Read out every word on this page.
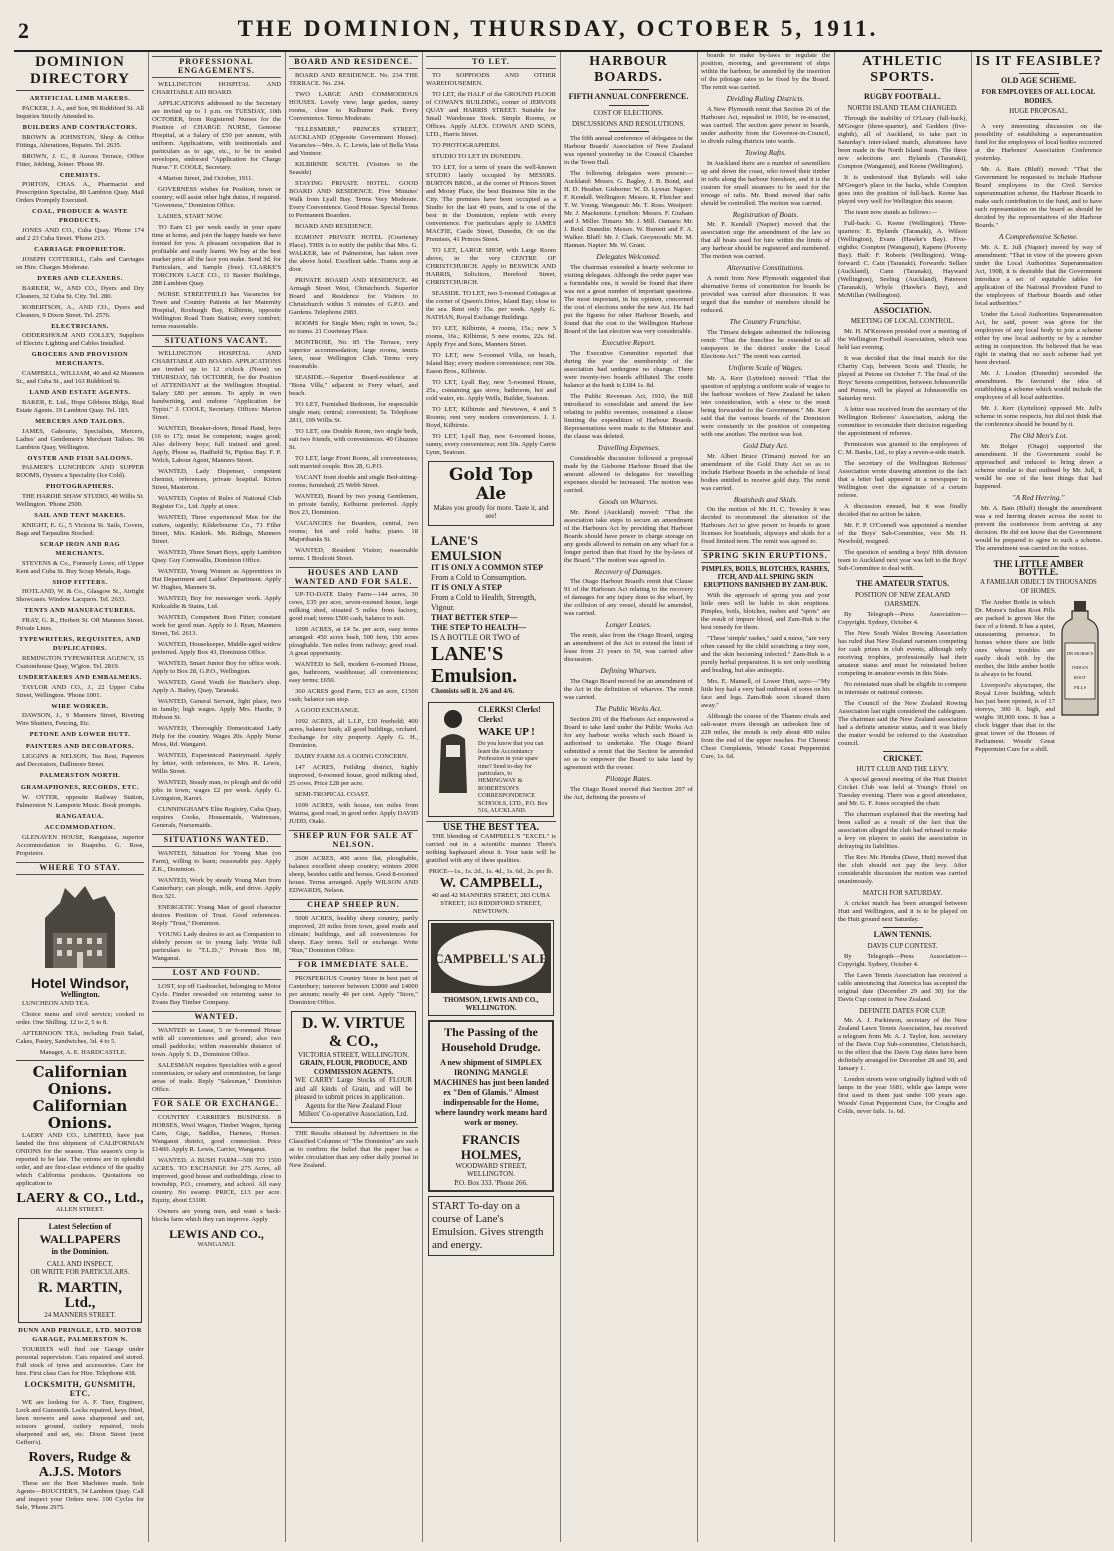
2	THE DOMINION, THURSDAY, OCTOBER 5, 1911.
DOMINION DIRECTORY
ARTIFICIAL LIMB MAKERS.
PACKER, J. A., and Son, 99 Riddiford St. All Inquiries Strictly Attended to.
BUILDERS AND CONTRACTORS.
BROWN & JOHNSTON, Shop & Office Fittings, Alterations, Repairs. Tel. 2635.
BROWN, J. C., 8 Aurora Terrace, Office Fitter, Jobbing, Joiner. 'Phone 99.
CHEMISTS.
PORTON, CHAS. A., Pharmacist and Prescription Specialist, 80 Lambton Quay. Mail Orders Promptly Executed.
COAL, PRODUCE & WASTE PRODUCTS.
JONES AND CO., Cuba Quay. 'Phone 174 and 2 23 Cuba Street. 'Phone 213.
CARRIAGE PROPRIETOR.
JOSEPH COTTERILL, Cabs and Carriages on Hire. Charges Moderate.
DYERS AND CLEANERS.
BARKER, W., AND CO., Dyers and Dry Cleaners, 32 Cuba St. City. Tel. 280.
ROBERTSON, A., AND CO., Dyers and Cleaners, 9 Dixon Street. Tel. 2576.
ELECTRICIANS.
ODDERSHOLM AND COLLEY, Suppliers of Electric Lighting and Cables Installed.
GROCERS AND PROVISION MERCHANTS.
CAMPBELL, WILLIAM, 40 and 42 Manners St., and Cuba St., and 163 Riddiford St.
LAND AND ESTATE AGENTS.
BAKER, E. Ltd., Hope Gibbons Bldgs, Real Estate Agents. 19 Lambton Quay. Tel. 183.
MERCERS AND TAILORS.
JAMES, Gabourie, Specialists, Mercers, Ladies' and Gentlemen's Merchant Tailors. 96 Lambton Quay, Wellington.
OYSTER AND FISH SALOONS.
PALMER'S LUNCHEON AND SUPPER ROOMS, Oysters a Speciality (Ice Cold).
PHOTOGRAPHERS.
THE HARDIE SHAW STUDIO, 40 Willis St. Wellington. 'Phone 2500.
SAIL AND TENT MAKERS.
KNIGHT, E. G., 5 Victoria St. Sails, Covers, Bags and Tarpaulins Stocked.
SCRAP IRON AND RAG MERCHANTS.
STEVENS & Co., Formerly Lowe, off Upper Kent and Cuba St. Buy Scrap Metals, Rags.
SHOP FITTERS.
HOTLAND, W. & Co., Glasgow St., Airtight Showcases. Window Lacquers. Tel. 2633.
TENTS AND MANUFACTURERS.
FRAY, G. R., Herbert St. Off Manners Street. Private Lines.
TYPEWRITERS, REQUISITES, AND DUPLICATORS.
REMINGTON TYPEWRITER AGENCY, 15 Customhouse Quay, W'gton. Tel. 2819.
UNDERTAKERS AND EMBALMERS.
TAYLOR AND CO., J., 22 Upper Cuba Street, Wellington. 'Phone 1001.
WIRE WORKER.
DAWSON, J., 9 Manners Street, Riveting Wire Shutters, Fencing, Etc.
PETONE AND LOWER HUTT.
PAINTERS AND DECORATORS.
LIGGINS & NELSON, Tea Rest, Paperers and Decorators, Dallimore Street.
PALMERSTON NORTH.
GRAMAPHONES, RECORDS, ETC.
W. OTTER, opposite Railway Station, Palmerston N. Lamporte Music. Book prompts.
RANGATAUA.
ACCOMMODATION.
GLENAVEN HOUSE, Rangataua, superior Accommodation to Ruapehu. G. Ross, Proprietor.
WHERE TO STAY.
Hotel Windsor,
Wellington.
LUNCHEON AND TEA.
Choice menu and civil service; cooked to order. One Shilling. 12 to 2, 5 to 8.
AFTERNOON TEA, including Fruit Salad, Cakes, Pastry, Sandwiches, 3d. 4 to 5.
Manager, A. E. HARDCASTLE.
Californian Onions.
Californian Onions.
LAERY AND CO., LIMITED, have just landed the first shipment of CALIFORNIAN ONIONS for the season. This season's crop is reported to be late. The onions are in splendid order, and are first-class evidence of the quality which California produces. Quotations on application to
LAERY & CO., Ltd.,
ALLEN STREET.
Latest Selection of
WALLPAPERS
in the Dominion.
CALL AND INSPECT,
OR WRITE FOR PARTICULARS.
R. MARTIN, Ltd.,
24 MANNERS STREET.
DUNN AND PRINGLE, LTD. MOTOR GARAGE, PALMERSTON N.
TOURISTS will find our Garage under personal supervision. Cars repaired and stored. Full stock of tyres and accessories. Cars for hire. First class Cars for Hire. Telephone 438.
LOCKSMITH, GUNSMITH, ETC.
WE are looking for A. F. Tuer, Engineer, Lock and Gunsmith. Locks repaired, keys fitted, lawn mowers and saws sharpened and set, scissors ground, cutlery repaired, tools sharpened and set, etc. Dixon Street (next Geffen's).
Rovers, Rudge &
A.J.S. Motors
These are the Best Machines made. Sole Agents—BOUCHER'S, 34 Lambton Quay. Call and inspect your Orders now. 100 Cycles for Sale, 'Phone 2975.
PROFESSIONAL ENGAGEMENTS.
WELLINGTON HOSPITAL AND CHARITABLE AID BOARD.
APPLICATIONS addressed to the Secretary are invited up to 1 p.m. on TUESDAY, 10th OCTOBER, from Registered Nurses for the Position of CHARGE NURSE, Genoese Hospital, at a Salary of £50 per annum, with uniform. Applications, with testimonials and particulars as to age, etc., to be in sealed envelopes, endorsed "Application for Charge Nurse." F. COOLE, Secretary.
4 Marion Street, 2nd October, 1911.
GOVERNESS wishes for Position, town or country; will assist other light duties, if required. "Governess," Dominion Office.
LADIES, START NOW.
TO Earn £1 per week easily in your spare time at home, and join the happy bands we have formed for you. A pleasant occupation that is profitable and easily learnt. We buy at the best market price all the lace you make. Send 3d. for Particulars, and Sample (free). CLARKE'S TORCHON LACE CO., 11 Baxter Buildings, 288 Lambton Quay.
NURSE STREETFIELD has Vacancies for Town and Country Patients at her Maternity Hospital, Roxburgh Bay, Kilbirnie, opposite Wellington Road Tram Station; every comfort; terms reasonable.
SITUATIONS VACANT.
WELLINGTON HOSPITAL AND CHARITABLE AID BOARD. APPLICATIONS are invited up to 12 o'clock (Noon) on THURSDAY, 5th OCTOBER, for the Position of ATTENDANT at the Wellington Hospital. Salary £80 per annum. To apply in own handwriting, and endorse "Application for Typist." J. COOLE, Secretary. Offices: Marion Street.
WANTED, Breaker-down, Bread Hand, boys (16 to 17); must be competent; wages good; Also delivery boys; full trained and good. Apply, Phone ss, Hadfield St, Pipitea Bay. F. P. Welch, Labour Agent, Manners Street.
WANTED, Lady Dispenser, competent chemist, references, private hospital. Kirton Street, Masterton.
WANTED, Copies of Rules of National Club Register Co., Ltd. Apply at once.
WANTED, Three experienced Men for the cutters, urgently; Kilderbourne Co., 71 Filler Street, Mix. Kinkirk. Mr. Ridings, Manners Street.
WANTED, Three Smart Boys, apply Lambton Quay. Guy Cornwallis, Dominion Office.
WANTED, Young Women as Apprentices in Hat Department and Ladies' Department. Apply W. Hughes, Manners St.
WANTED, Boy for messenger work. Apply Kirkcaldie & Stains, Ltd.
WANTED, Competent Boot Fitter; constant work for good man. Apply to J. Ryan, Manners Street, Tel. 2613.
WANTED, Housekeeper, Middle-aged widow preferred. Apply Box 43, Dominion Office.
WANTED, Smart Junior Boy for office work. Apply to Box 28, G.P.O., Wellington.
WANTED, Good Youth for Butcher's shop. Apply A. Bailey, Quay, Taranaki.
WANTED, General Servant, light place, two in family; high wages. Apply Mrs. Hardie, 9 Hobson St.
WANTED, Thoroughly Domesticated Lady Help for the country. Wages 20s. Apply Nurse Moss, Rd. Wangarei.
WANTED, Experienced Pantrymaid. Apply by letter, with references, to Mrs. R. Lewis, Willis Street.
WANTED, Steady man, to plough and do odd jobs in town; wages £2 per week. Apply G. Livingston, Karori.
CUNNINGHAM'S Elite Registry, Cuba Quay, requires Cooks, Housemaids, Waitresses, Generals, Nursemaids.
SITUATIONS WANTED.
WANTED, Situation for Young Man (on Farm), willing to learn; reasonable pay. Apply Z.K., Dominion.
WANTED, Work by steady Young Man from Canterbury; can plough, milk, and drive. Apply Box 321.
ENERGETIC Young Man of good character desires Position of Trust. Good references. Reply "Trust," Dominion.
YOUNG Lady desires to act as Companion to elderly person or to young lady. Write full particulars to "T.L.D.," Private Box 98, Wanganui.
LOST AND FOUND.
LOST, top off Gasbracket, belonging to Motor Cycle. Finder rewarded on returning same to Evans Bay Timber Company.
WANTED.
WANTED to Lease, 5 or 6-roomed House with all conveniences and ground; also two small paddocks; within reasonable distance of town. Apply S. D., Dominion Office.
SALESMAN requires Specialties with a good commission, or salary and commission, for large areas of trade. Reply "Salesman," Dominion Office.
FOR SALE OR EXCHANGE.
COUNTRY CARRIER'S BUSINESS. 8 HORSES, Wool Wagon, Timber Wagon, Spring Carts, Gigs, Saddles, Harness, Horses. Wanganui district, good connection. Price £1400. Apply R. Lewis, Carrier, Wanganui.
WANTED. A BUSH FARM—500 TO 1500 ACRES. TO EXCHANGE for 275 Acres, all improved, good house and outbuildings, close to township, P.O., creamery, and school. All easy country. No swamp. PRICE, £13 per acre. Equity, about £3100.
Owners are young men, and want a back-blocks farm which they can improve. Apply
LEWIS AND CO.,
WANGANUI.
BOARD AND RESIDENCE.
BOARD AND RESIDENCE. No. 234 THE TERRACE. No. 234.
TWO LARGE AND COMMODIOUS HOUSES. Lovely view; large garden, sunny rooms, close to Kelburne Park. Every Convenience. Terms Moderate.
"ELLESMERE," PRINCES STREET, AUCKLAND (Opposite Government House). Vacancies—Mrs. A. C. Lewis, late of Bella Vista and Ventnor.
KILBIRNIE SOUTH. (Visitors to the Seaside)
STAYING PRIVATE HOTEL. GOOD BOARD AND RESIDENCE. Five Minutes' Walk from Lyall Bay. Terms Very Moderate. Every Convenience. Good House. Special Terms to Permanent Boarders.
BOARD AND RESIDENCE.
EGMONT PRIVATE HOTEL (Courtenay Place). THIS is to notify the public that Mrs. G. WALKER, late of Palmerston, has taken over the above hotel. Excellent table. Trams stop at door.
PRIVATE BOARD AND RESIDENCE. 48 Armagh Street West, Christchurch. Superior Board and Residence for Visitors to Christchurch within 5 minutes of G.P.O. and Gardens. Telephone 2983.
ROOMS for Single Men; right in town, 5s.; no trams. 21 Courtenay Place.
MONTROSE, No. 85 The Terrace, very superior accommodation; large rooms, tennis lawn, near Wellington Club. Terms very reasonable.
SEASIDE.—Superior Board-residence at "Bona Villa," adjacent to Ferry wharf, and beach.
TO LET, Furnished Bedroom, for respectable single man; central; convenient; 5s. Telephone 2811, 199 Willis St.
TO LET, one Double Room, two single beds, suit two friends, with conveniences. 40 Ghuznee St.
TO LET, large Front Room, all conveniences; suit married couple. Box 28, G.P.O.
VACANT front double and single Bed-sitting-rooms; furnished; 25 Webb Street.
WANTED, Board by two young Gentlemen, in private family, Kelburne preferred. Apply Box 23, Dominion.
VACANCIES for Boarders, central, two rooms; hot and cold baths; piano. 18 Majoribanks St.
WANTED, Resident Visitor; reasonable terms. 1 Boulcott Street.
HOUSES AND LAND WANTED AND FOR SALE.
UP-TO-DATE Dairy Farm—144 acres, 30 cows, £35 per acre, seven-roomed house, large milking shed, situated 5 miles from factory, good road; terms £500 cash, balance to suit.
1099 ACRES, at £4 5s. per acre, easy terms arranged: 450 acres bush, 500 fern, 150 acres ploughable. Ten miles from railway; good road. A great opportunity.
WANTED to Sell, modern 6-roomed House, gas, bathroom, washhouse; all conveniences; easy terms; £650.
360 ACRES good Farm, £13 an acre, £1500 cash; balance can stop.
A GOOD EXCHANGE.
1092 ACRES, all L.I.P., £10 freehold; 400 acres, balance bush; all good buildings, orchard. Exchange for city property. Apply G. H., Dominion.
DAIRY FARM AS A GOING CONCERN.
147 ACRES, Feilding district, highly improved, 6-roomed house, good milking shed, 25 cows. Price £28 per acre.
SEMI-TROPICAL COAST.
1699 ACRES, with house, ten miles from Wairoa, good road, in good order. Apply DAVID JUDD, Otaki.
SHEEP RUN FOR SALE AT NELSON.
2600 ACRES, 400 acres flat, ploughable, balance excellent sheep country; winters 2000 sheep, besides cattle and horses. Good 8-roomed house. Terms arranged. Apply WILSON AND EDWARDS, Nelson.
CHEAP SHEEP RUN.
5000 ACRES, healthy sheep country, partly improved, 20 miles from town, good roads and climate; buildings, and all conveniences for sheep. Easy terms. Sell or exchange. Write "Run," Dominion Office.
FOR IMMEDIATE SALE.
PROSPEROUS Country Store in best part of Canterbury; turnover between £3000 and £4000 per annum; nearly 40 per cent. Apply "Store," Dominion Office.
D. W. VIRTUE & CO.,
VICTORIA STREET, WELLINGTON.
GRAIN, FLOUR, PRODUCE, AND COMMISSION AGENTS.
WE CARRY Large Stocks of FLOUR and all kinds of Grain, and will be pleased to submit prices in application.
Agents for the New Zealand Flour Millers' Co-operative Association, Ltd.
THE Results obtained by Advertisers in the Classified Columns of "The Dominion" are such as to confirm the belief that the paper has a wider circulation than any other daily journal in New Zealand.
TO LET.
TO SOPPOODS AND OTHER WAREHOUSEMEN.
TO LET, the HALF of the GROUND FLOOR of COWAN'S BUILDING, corner of JERVOIS QUAY and HARRIS STREET. Suitable for Small Warehouse Stock. Simple Rooms, or Offices. Apply ALEX. COWAN AND SONS, LTD., Harris Street.
TO PHOTOGRAPHERS.
STUDIO TO LET IN DUNEDIN.
TO LET, for a term of years the well-known STUDIO lately occupied by MESSRS. BURTON BROS., at the corner of Princes Street and Moray Place, the best Business Site in the City. The premises have been occupied as a Studio for the last 40 years, and is one of the best in the Dominion, replete with every convenience. For particulars apply to JAMES MACFIE, Castle Street, Dunedin, Or on the Premises, 41 Princes Street.
TO LET, LARGE SHOP, with Large Room above, in the very CENTRE OF CHRISTCHURCH. Apply to BESWICK AND HARRIS, Solicitors, Hereford Street, CHRISTCHURCH.
SEASIDE. TO LET, two 5-roomed Cottages at the corner of Queen's Drive, Island Bay; close to the sea. Rent only 15s. per week. Apply G. NATHAN, Royal Exchange Buildings.
TO LET, Kilbirnie, 4 rooms, 15s.; new 5 rooms, 16s.; Kilbirnie, 5 new rooms, 22s. 6d. Apply Frye and Sons, Manners Street.
TO LET, new 5-roomed Villa, on beach, Island Bay; every modern convenience; rent 30s. Eason Bros., Kilbirnie.
TO LET, Lyall Bay, new 5-roomed House, 25s., containing gas stove, bathroom, hot and cold water, etc. Apply Wells, Builder, Seatoun.
TO LET, Kilbirnie and Newtown, 4 and 5 Rooms; rent very modern conveniences. J. J. Boyd, Kilbirnie.
TO LET, Lyall Bay, new 6-roomed house, sunny, every convenience; rent 30s. Apply Carrie Lynn, Seatoun.
Gold Top Ale
Makes you greedy for more. Taste it, and see!
LANE'S EMULSION
IT IS ONLY A COMMON STEP
From a Cold to Consumption.
IT IS ONLY A STEP
From a Cold to Health, Strength, Vigour.
THAT BETTER STEP—
THE STEP TO HEALTH—
IS A BOTTLE OR TWO of
LANE'S Emulsion.
Chemists sell it. 2/6 and 4/6.
CLERKS! Clerks! Clerks!
WAKE UP !
Do you know that you can learn the Accountancy Profession in your spare time? Send to-day for particulars, to HEMINGWAY & ROBERTSON'S CORRESPONDENCE SCHOOLS, LTD., P.O. Box 516, AUCKLAND.
USE THE BEST TEA.
THE blending of CAMPBELL'S "EXCEL" is carried out in a scientific manner. There's nothing haphazard about it. Your taste will be gratified with any of these qualities.
PRICE—1s., 1s. 2d., 1s. 4d., 1s. 6d., 2s. per lb.
W. CAMPBELL,
40 and 42 MANNERS STREET, 283 CUBA STREET, 163 RIDDIFORD STREET, NEWTOWN.
CAMPBELL'S ALE
THOMSON, LEWIS AND CO., WELLINGTON.
The Passing of the
Household Drudge.
A new shipment of SIMPLEX IRONING MANGLE MACHINES has just been landed ex "Den of Glamis." Almost indispensable for the Home, where laundry work means hard work or money.
FRANCIS HOLMES,
WOODWARD STREET, WELLINGTON.
P.O. Box 333. 'Phone 266.
START To-day on a course of Lane's Emulsion. Gives strength and energy.
HARBOUR BOARDS.
FIFTH ANNUAL CONFERENCE.
COST OF ELECTIONS.
DISCUSSIONS AND RESOLUTIONS.
The fifth annual conference of delegates to the Harbour Boards' Association of New Zealand was opened yesterday in the Council Chamber in the Town Hall.
The following delegates were present:—Auckland: Messrs. G. Bagley, J. B. Bond, and H. D. Heather. Gisborne: W. D. Lysnar. Napier: F. Kendall. Wellington: Messrs. R. Fletcher and T. W. Young. Wanganui: Mr. T. Ross. Westport: Mr. J. Mackenzie. Lyttelton: Messrs. F. Graham and J. Miller. Timaru: Mr. J. Mill. Oamaru: Mr. J. Reid. Dunedin: Messrs. W. Burnett and F. A. Walker. Bluff: Mr. J. Clark. Greymouth: Mr. M. Hannan. Napier: Mr. W. Grant.
Delegates Welcomed.
The chairman extended a hearty welcome to visiting delegates. Although the order paper was a formidable one, it would be found that there was not a great number of important questions. The most important, in his opinion, concerned the cost of elections under the new Act. He had put the figures for other Harbour Boards, and found that the cost to the Wellington Harbour Board of the last election was very considerable.
Executive Report.
The Executive Committee reported that during the year the membership of the association had undergone no change. There were twenty-two boards affiliated. The credit balance at the bank is £184 1s. 8d.
The Public Revenues Act, 1910, the Bill introduced to consolidate and amend the law relating to public revenues, contained a clause limiting the expenditure of Harbour Boards. Representations were made to the Minister and the clause was deleted.
Travelling Expenses.
Considerable discussion followed a proposal made by the Gisborne Harbour Board that the amount allowed to delegates for travelling expenses should be increased. The motion was carried.
Goods on Wharves.
Mr. Bond (Auckland) moved: "That the association take steps to secure an amendment of the Harbours Act by providing that Harbour Boards should have power to charge storage on any goods allowed to remain on any wharf for a longer period than that fixed by the by-laws of the Board." The motion was agreed to.
Recovery of Damages.
The Otago Harbour Board's remit that Clause 91 of the Harbours Act relating to the recovery of damages for any injury done to the wharf, by the collision of any vessel, should be amended, was carried.
Longer Leases.
The remit, also from the Otago Board, urging an amendment of the Act to extend the limit of lease from 21 years to 50, was carried after discussion.
Defining Wharves.
The Otago Board moved for an amendment of the Act in the definition of wharves. The remit was carried.
The Public Works Act.
Section 201 of the Harbours Act empowered a Board to take land under the Public Works Act for any harbour works which such Board is authorised to undertake. The Otago Board submitted a remit that the Section be amended so as to empower the Board to take land by agreement with the owner.
Pilotage Rates.
The Otago Board moved that Section 207 of the Act, defining the powers of
boards to make by-laws to regulate the position, mooring, and government of ships within the harbour, be amended by the insertion of the pilotage rates to be fixed by the Board. The remit was carried.
Dividing Ruling Districts.
A New Plymouth remit that Section 26 of the Harbours Act, repealed in 1910, be re-enacted, was carried. The section gave power to boards, under authority from the Governor-in-Council, to divide ruling districts into wards.
Towing Rafts.
In Auckland there are a number of sawmillers up and down the coast, who towed their timber in rafts along the harbour foreshore, and it is the custom for small steamers to be used for the towage of rafts. Mr. Bond moved that rafts should be controlled. The motion was carried.
Registration of Boats.
Mr. F. Kendall (Napier) moved that the association urge the amendment of the law so that all boats used for hire within the limits of any harbour should be registered and numbered. The motion was carried.
Alternative Constitutions.
A remit from New Plymouth suggested that alternative forms of constitution for boards be provided was carried after discussion. It was urged that the number of members should be reduced.
The Country Franchise.
The Timaru delegate submitted the following remit: "That the franchise be extended to all ratepayers in the district under the Local Elections Act." The remit was carried.
Uniform Scale of Wages.
Mr. A. Kerr (Lyttelton) moved: "That the question of applying a uniform scale of wages to the harbour workers of New Zealand be taken into consideration, with a view to the remit being forwarded to the Government." Mr. Kerr said that the various boards of the Dominion were constantly in the position of competing with one another. The motion was lost.
Gold Duty Act.
Mr. Albert Bruce (Timaru) moved for an amendment of the Gold Duty Act so as to include Harbour Boards in the schedule of local bodies entitled to receive gold duty. The remit was carried.
Boatsheds and Skids.
On the motion of Mr. H. C. Tewsley it was decided to recommend the alteration of the Harbours Act to give power to boards to grant licenses for boatsheds, slipways and skids for a fixed limited term. The remit was agreed to.
SPRING SKIN ERUPTIONS.
PIMPLES, BOILS, BLOTCHES, RASHES, ITCH, AND ALL SPRING SKIN ERUPTIONS BANISHED BY ZAM-BUK.
With the approach of spring you and your little ones will be liable to skin eruptions. Pimples, boils, blotches, rashes and "spots" are the result of impure blood, and Zam-Buk is the best remedy for them.
"These 'simple' rashes," said a nurse, "are very often caused by the child scratching a tiny sore, and the skin becoming infected." Zam-Buk is a purely herbal preparation. It is not only soothing and healing, but also antiseptic.
Mrs. E. Mansell, of Lower Hutt, says:—"My little boy had a very bad outbreak of sores on his face and legs. Zam-Buk soon cleared them away."
Although the course of the Thames rivals and salt-water rivers through an unbroken line of 228 miles, the mouth is only about 400 miles from the end of the upper reaches. For Chronic Chest Complaints, Woods' Great Peppermint Cure, 1s. 6d.
ATHLETIC SPORTS.
RUGBY FOOTBALL.
NORTH ISLAND TEAM CHANGED.
Through the inability of O'Leary (full-back), M'Gregor (three-quarter), and Gedders (five-eighth), all of Auckland, to take part in Saturday's inter-island match, alterations have been made in the North Island team. The three new selections are: Bylands (Taranaki), Compton (Wanganui), and Keene (Wellington).
It is understood that Bylands will take M'Gregor's place in the backs, while Compton goes into the position of full-back. Keene has played very well for Wellington this season.
The team now stands as follows:—
Full-back: G. Keene (Wellington). Three-quarters: E. Bylands (Taranaki), A. Wilson (Wellington), Evans (Hawke's Bay). Five-eighths: Compton (Wanganui), Kapene (Poverty Bay). Half: F. Roberts (Wellington). Wing-forward: C. Cain (Taranaki). Forwards: Sellars (Auckland), Cann (Taranaki), Hayward (Wellington), Seeling (Auckland), Paterson (Taranaki), Whyle (Hawke's Bay), and McMillan (Wellington).
ASSOCIATION.
MEETING OF LOCAL CONTROL.
Mr. H. M'Keowen presided over a meeting of the Wellington Football Association, which was held last evening.
It was decided that the final match for the Charity Cup, between Scots and Thistle, be played at Petone on October 7. The final of the Boys' Sevens competition, between Johnsonville and Petone, will be played at Johnsonville on Saturday next.
A letter was received from the secretary of the Wellington Referees' Association, asking the committee to reconsider their decision regarding the appointment of referees.
Permission was granted to the employees of C. M. Banks, Ltd., to play a seven-a-side match.
The secretary of the Wellington Referees' Association wrote drawing attention to the fact that a letter had appeared in a newspaper in Wellington over the signature of a certain referee.
A discussion ensued, but it was finally decided that no action be taken.
Mr. F. P. O'Connell was appointed a member of the Boys' Sub-Committee, vice Mr. H. Newbold, resigned.
The question of sending a boys' fifth division team to Auckland next year was left to the Boys' Sub-Committee to deal with.
THE AMATEUR STATUS.
POSITION OF NEW ZEALAND OARSMEN.
By Telegraph—Press Association—Copyright. Sydney, October 4.
The New South Wales Rowing Association has ruled that New Zealand oarsmen competing for cash prizes in club events, although only receiving trophies, professionally had their amateur status and must be reinstated before competing in amateur events in this State.
No reinstated man shall be eligible to compete in interstate or national contests.
The Council of the New Zealand Rowing Association last night considered the cablegram. The chairman said the New Zealand association had a definite amateur status, and it was likely the matter would be referred to the Australian council.
CRICKET.
HUTT CLUB AND THE LEVY.
A special general meeting of the Hutt District Cricket Club was held at Young's Hotel on Tuesday evening. There was a good attendance, and Mr. G. F. Jones occupied the chair.
The chairman explained that the meeting had been called as a result of the fact that the association alleged the club had refused to make a levy on players to assist the association in defraying its liabilities.
The Rev. Mr. Hendra (Dave, Hutt) moved that the club should not pay the levy. After considerable discussion the motion was carried unanimously.
MATCH FOR SATURDAY.
A cricket match has been arranged between Hutt and Wellington, and it is to be played on the Hutt ground next Saturday.
LAWN TENNIS.
DAVIS CUP CONTEST.
By Telegraph—Press Association—Copyright. Sydney, October 4.
The Lawn Tennis Association has received a cable announcing that America has accepted the original date (December 29 and 30) for the Davis Cup contest in New Zealand.
DEFINITE DATES FOR CUP.
Mr. A. J. Parkinson, secretary of the New Zealand Lawn Tennis Association, has received a telegram from Mr. A. J. Taylor, hon. secretary of the Davis Cup Sub-committee, Christchurch, to the effect that the Davis Cup dates have been definitely arranged for December 28 and 30, and January 1.
London streets were originally lighted with oil lamps in the year 1681, while gas lamps were first used in them just under 100 years ago. Woods' Great Peppermint Cure, for Coughs and Colds, never fails. 1s. 6d.
IS IT FEASIBLE?
OLD AGE SCHEME.
FOR EMPLOYEES OF ALL LOCAL BODIES.
HUGE PROPOSAL.
A very interesting discussion on the possibility of establishing a superannuation fund for the employees of local bodies occurred at the Harbours' Association Conference yesterday.
Mr. A. Bain (Bluff) moved: "That the Government be requested to include Harbour Board employees in the Civil Service superannuation scheme, the Harbour Boards to make such contribution to the fund, and to have such representation on the board as should be decided by the representatives of the Harbour Boards."
A Comprehensive Scheme.
Mr. A. E. Jull (Napier) moved by way of amendment: "That in view of the powers given under the Local Authorities Superannuation Act, 1908, it is desirable that the Government introduce a set of equitable tables for application of the National Provident Fund to the employees of Harbour Boards and other local authorities."
Under the Local Authorities Superannuation Act, he said, power was given for the employees of any local body to join a scheme either by one local authority or by a number acting in conjunction. He believed that he was right in stating that no such scheme had yet been devised.
Mr. J. Loudon (Dunedin) seconded the amendment. He favoured the idea of establishing a scheme which would include the employees of all local authorities.
Mr. J. Kerr (Lyttelton) opposed Mr. Jull's scheme in some respects, but did not think that the conference should be bound by it.
The Old Men's Lot.
Mr. Bolger (Otago) supported the amendment. If the Government could be approached and induced to bring down a scheme similar to that outlined by Mr. Jull, it would be one of the best things that had happened.
"A Red Herring."
Mr. A. Bain (Bluff) thought the amendment was a red herring drawn across the scent to prevent the conference from arriving at any decision. He did not know that the Government would be prepared to agree to such a scheme. The amendment was carried on the voices.
THE LITTLE AMBER BOTTLE.
A FAMILIAR OBJECT IN THOUSANDS OF HOMES.
The Amber Bottle in which Dr. Morse's Indian Root Pills are packed is grown like the face of a friend. It has a quiet, unassuming presence. In homes where there are little ones whose troubles are easily dealt with by the mother, the little amber bottle is always to be found.
Liverpool's skyscraper, the Royal Liver building, which has just been opened, is of 17 storeys, 300 ft. high, and weighs 30,000 tons. It has a clock bigger than that in the great tower of the Houses of Parliament. Woods' Great Peppermint Cure for a shill.
DR MORSE'S
INDIAN
ROOT
PILLS
